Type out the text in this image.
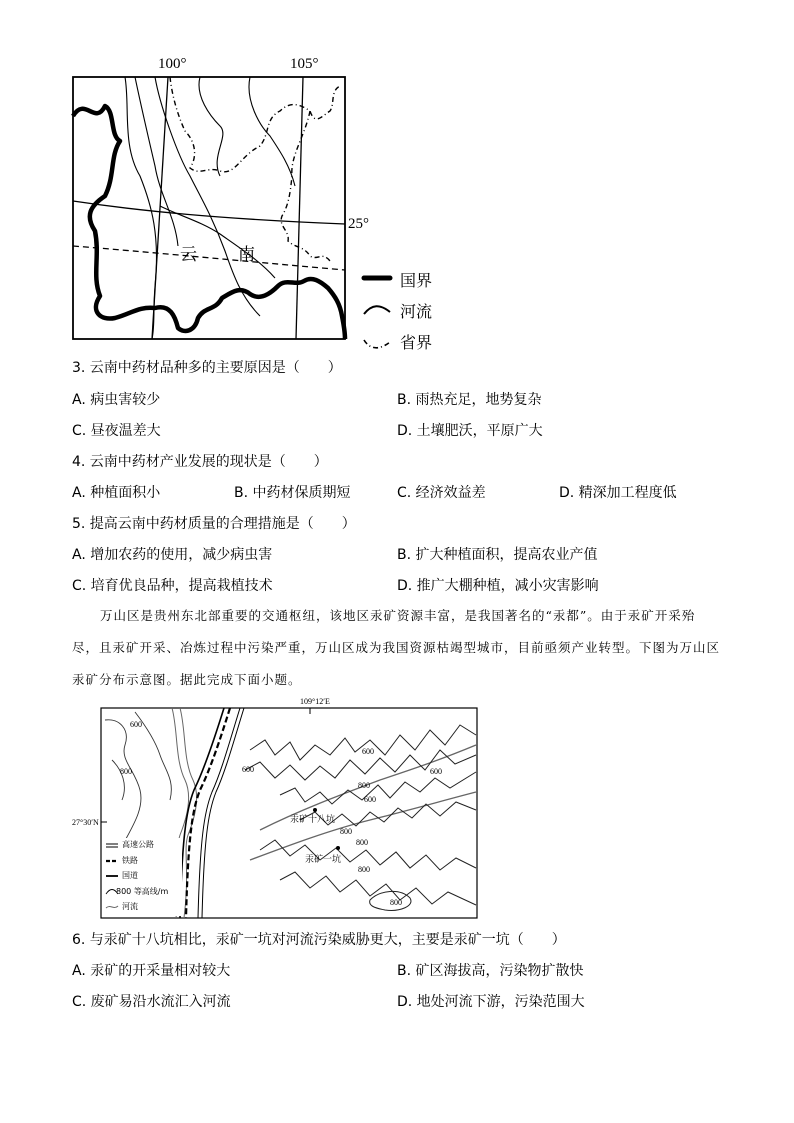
100°	105°
25°
云 南
国界
河流
省界
3. 云南中药材品种多的主要原因是（　　）
A. 病虫害较少	B. 雨热充足，地势复杂
C. 昼夜温差大	D. 土壤肥沃，平原广大
4. 云南中药材产业发展的现状是（　　）
A. 种植面积小	B. 中药材保质期短	C. 经济效益差	D. 精深加工程度低
5. 提高云南中药材质量的合理措施是（　　）
A. 增加农药的使用，减少病虫害	B. 扩大种植面积，提高农业产值
C. 培育优良品种，提高栽植技术	D. 推广大棚种植，减小灾害影响
万山区是贵州东北部重要的交通枢纽，该地区汞矿资源丰富，是我国著名的“汞都”。由于汞矿开采殆尽，且汞矿开采、冶炼过程中污染严重，万山区成为我国资源枯竭型城市，目前亟须产业转型。下图为万山区汞矿分布示意图。据此完成下面小题。
600
800	600
600
600
800
600
800
800
800
800
109°12′E
汞矿十八坑
汞矿一坑
高速公路
铁路
国道
800 等高线/m
河流
27°30′N
6. 与汞矿十八坑相比，汞矿一坑对河流污染威胁更大，主要是汞矿一坑（　　）
A. 汞矿的开采量相对较大	B. 矿区海拔高，污染物扩散快
C. 废矿易沿水流汇入河流	D. 地处河流下游，污染范围大
